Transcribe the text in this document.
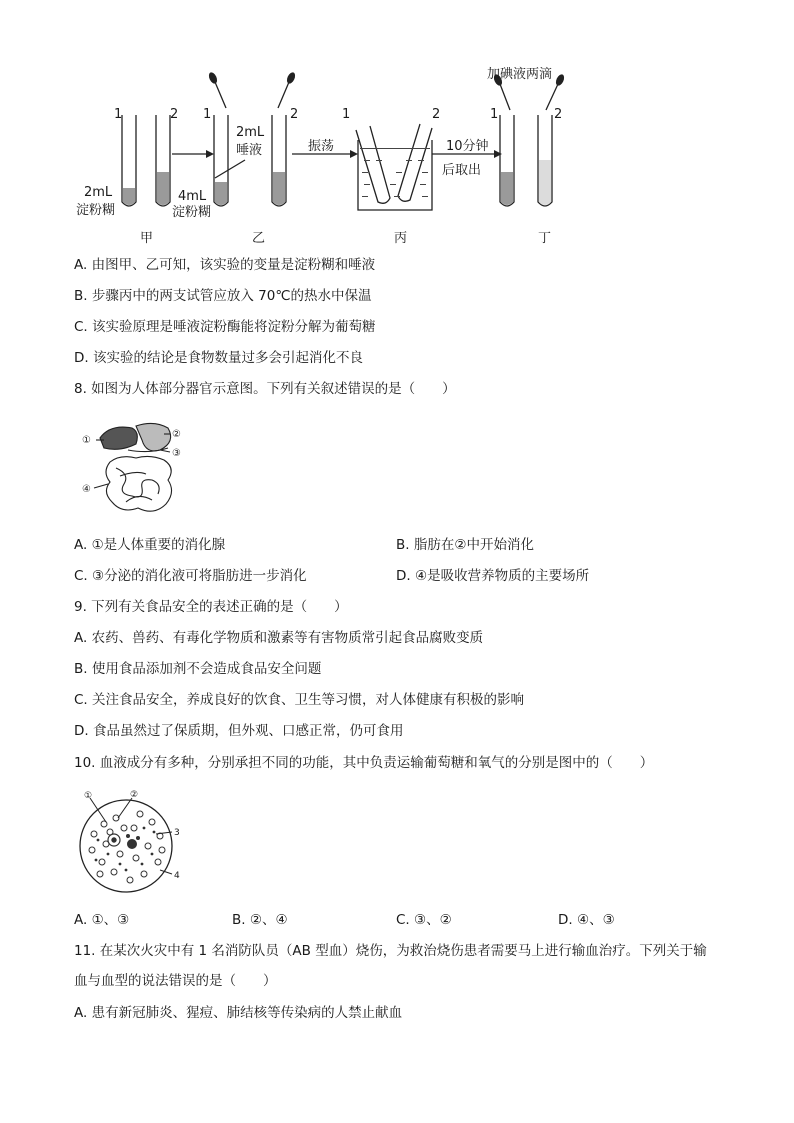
加碘液两滴
1	2 1	2	1	2	1	2
2mL
淀粉糊
4mL
淀粉糊
2mL
唾液	振荡	10分钟
后取出
甲	乙	丙	丁
A. 由图甲、乙可知，该实验的变量是淀粉糊和唾液
B. 步骤丙中的两支试管应放入 70℃的热水中保温
C. 该实验原理是唾液淀粉酶能将淀粉分解为葡萄糖
D. 该实验的结论是食物数量过多会引起消化不良
8. 如图为人体部分器官示意图。下列有关叙述错误的是（　　）
①
②
③
④
A. ①是人体重要的消化腺	B. 脂肪在②中开始消化
C. ③分泌的消化液可将脂肪进一步消化	D. ④是吸收营养物质的主要场所
9. 下列有关食品安全的表述正确的是（　　）
A. 农药、兽药、有毒化学物质和激素等有害物质常引起食品腐败变质
B. 使用食品添加剂不会造成食品安全问题
C. 关注食品安全，养成良好的饮食、卫生等习惯，对人体健康有积极的影响
D. 食品虽然过了保质期，但外观、口感正常，仍可食用
10. 血液成分有多种，分别承担不同的功能，其中负责运输葡萄糖和氧气的分别是图中的（　　）
①	②
3
4
A. ①、③	B. ②、④	C. ③、②	D. ④、③
11. 在某次火灾中有 1 名消防队员（AB 型血）烧伤，为救治烧伤患者需要马上进行输血治疗。下列关于输
血与血型的说法错误的是（　　）
A. 患有新冠肺炎、猩痘、肺结核等传染病的人禁止献血
